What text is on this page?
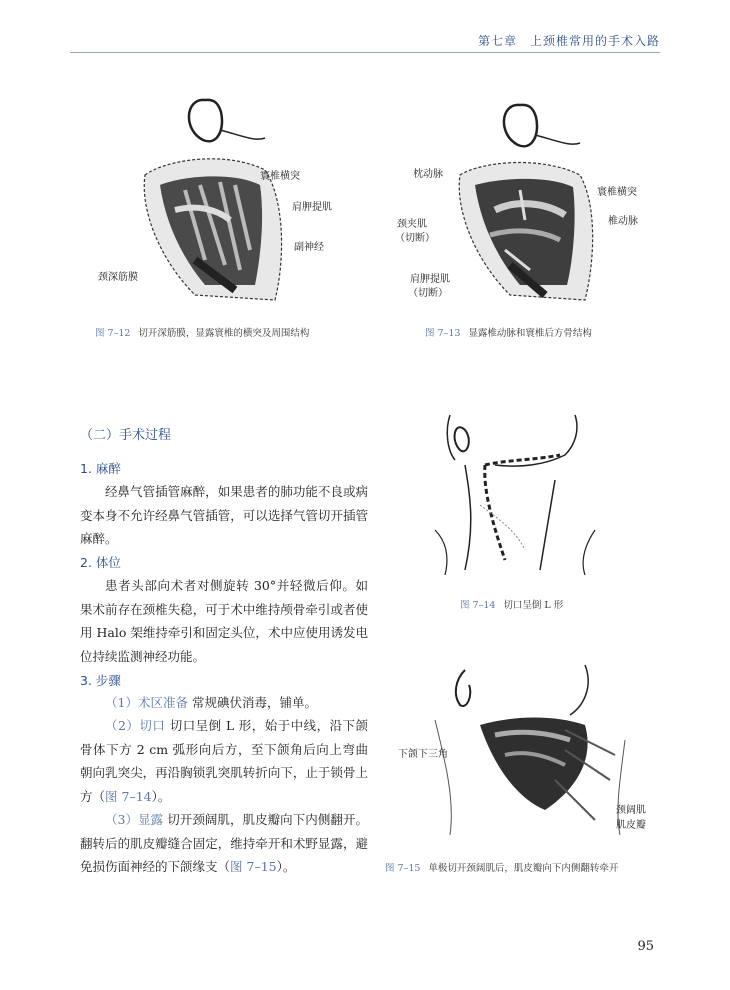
第七章　上颈椎常用的手术入路
寰椎横突
肩胛提肌
副神经
颈深筋膜
图 7–12 切开深筋膜，显露寰椎的横突及周围结构
枕动脉
寰椎横突
颈夹肌
（切断）
椎动脉
肩胛提肌
（切断）
图 7–13 显露椎动脉和寰椎后方骨结构
（二）手术过程
1. 麻醉
经鼻气管插管麻醉，如果患者的肺功能不良或病变本身不允许经鼻气管插管，可以选择气管切开插管麻醉。
2. 体位
患者头部向术者对侧旋转 30°并轻微后仰。如果术前存在颈椎失稳，可于术中维持颅骨牵引或者使用 Halo 架维持牵引和固定头位，术中应使用诱发电位持续监测神经功能。
3. 步骤
（1）术区准备 常规碘伏消毒，铺单。
（2）切口 切口呈倒 L 形，始于中线，沿下颌骨体下方 2 cm 弧形向后方，至下颌角后向上弯曲朝向乳突尖，再沿胸锁乳突肌转折向下，止于锁骨上方（图 7–14）。
（3）显露 切开颈阔肌，肌皮瓣向下内侧翻开。翻转后的肌皮瓣缝合固定，维持牵开和术野显露，避免损伤面神经的下颌缘支（图 7–15）。
图 7–14 切口呈倒 L 形
下颌下三角
颈阔肌
肌皮瓣
图 7–15 单极切开颈阔肌后，肌皮瓣向下内侧翻转牵开
95
